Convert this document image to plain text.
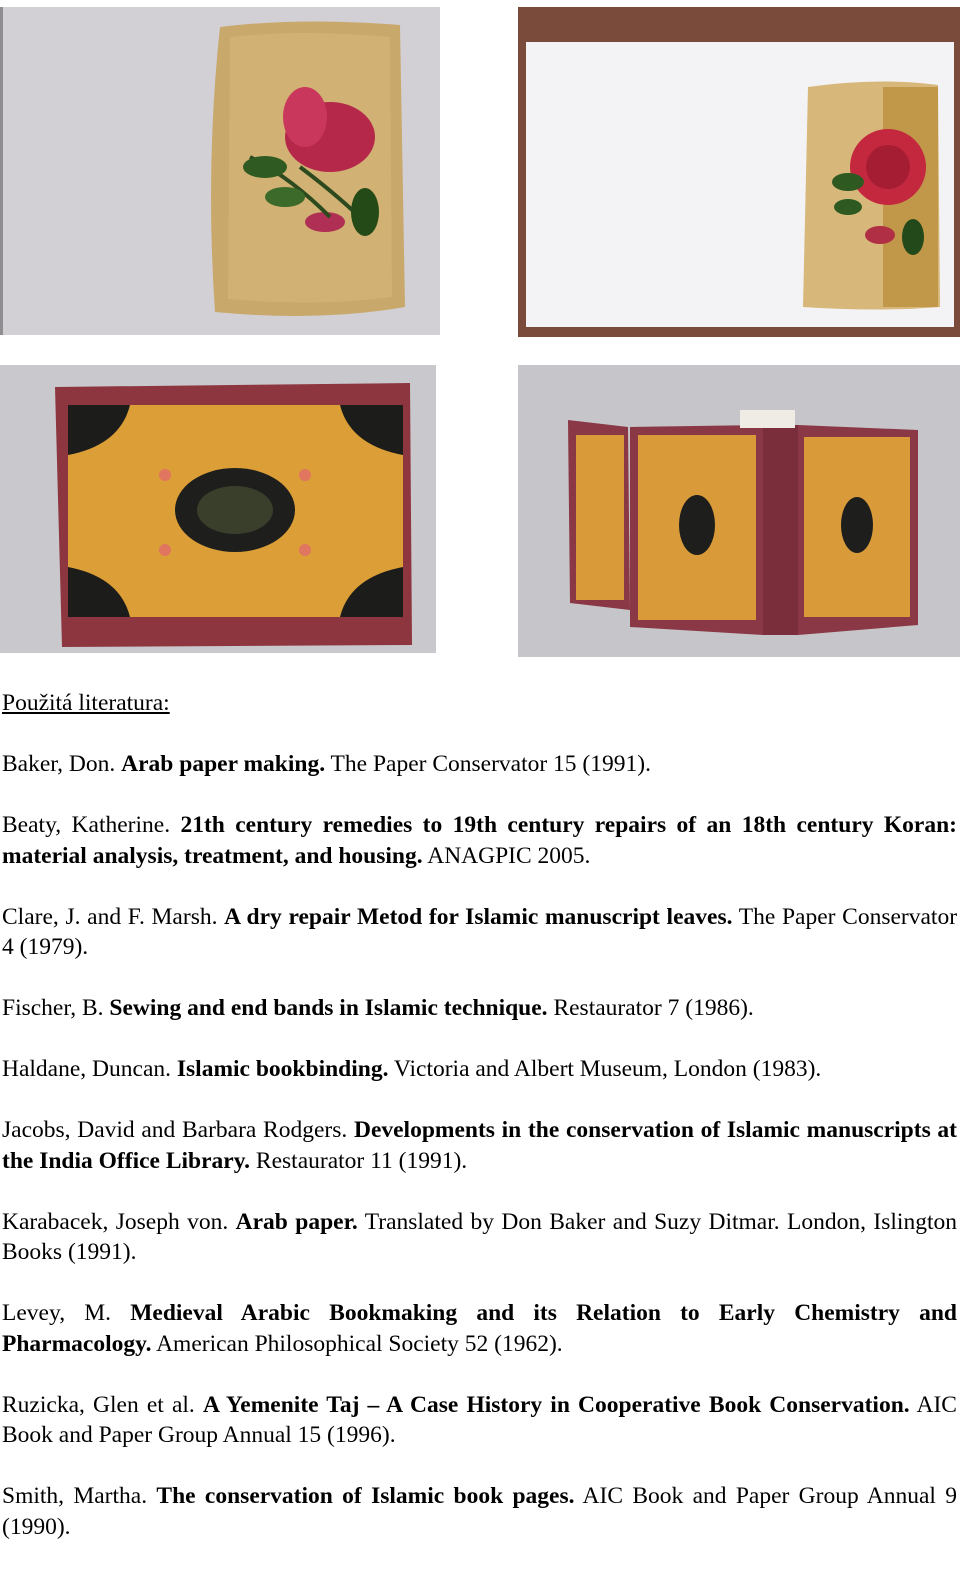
Použitá literatura:
Baker, Don. Arab paper making. The Paper Conservator 15 (1991).
Beaty, Katherine. 21th century remedies to 19th century repairs of an 18th century Koran: material analysis, treatment, and housing. ANAGPIC 2005.
Clare, J. and F. Marsh. A dry repair Metod for Islamic manuscript leaves. The Paper Conservator 4 (1979).
Fischer, B. Sewing and end bands in Islamic technique. Restaurator 7 (1986).
Haldane, Duncan. Islamic bookbinding. Victoria and Albert Museum, London (1983).
Jacobs, David and Barbara Rodgers. Developments in the conservation of Islamic manuscripts at the India Office Library. Restaurator 11 (1991).
Karabacek, Joseph von. Arab paper. Translated by Don Baker and Suzy Ditmar. London, Islington Books (1991).
Levey, M. Medieval Arabic Bookmaking and its Relation to Early Chemistry and Pharmacology. American Philosophical Society 52 (1962).
Ruzicka, Glen et al. A Yemenite Taj – A Case History in Cooperative Book Conservation. AIC Book and Paper Group Annual 15 (1996).
Smith, Martha. The conservation of Islamic book pages. AIC Book and Paper Group Annual 9 (1990).
